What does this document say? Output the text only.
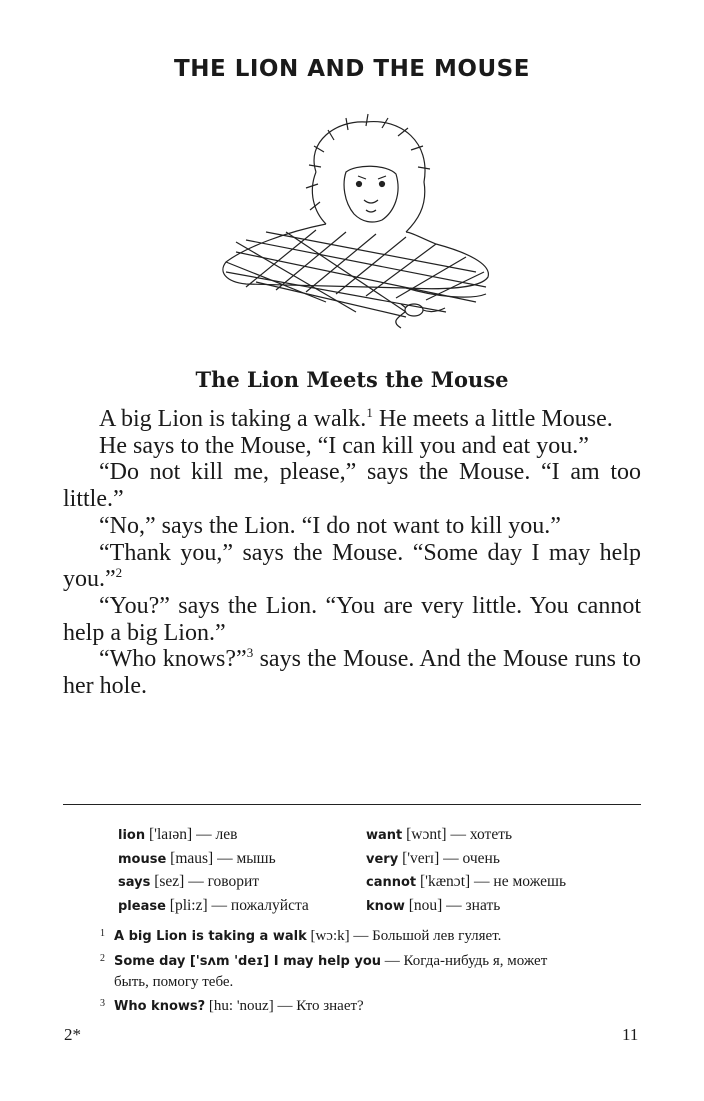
THE LION AND THE MOUSE
The Lion Meets the Mouse

A big Lion is taking a walk.$^1$ He meets a little Mouse.

He says to the Mouse, “I can kill you and eat you.”

“Do not kill me, please,” says the Mouse. “I am too little.”

“No,” says the Lion. “I do not want to kill you.”

“Thank you,” says the Mouse. “Some day I may help you.”$^2$

“You?” says the Lion. “You are very little. You cannot help a big Lion.”

“Who knows?”$^3$ says the Mouse. And the Mouse runs to her hole.

lion ['laɪən] — лев
mouse [maus] — мышь
says [sez] — говорит
please [pli:z] — пожалуйста
want [wɔnt] — хотеть
very ['verɪ] — очень
cannot ['kænɔt] — не можешь
know [nou] — знать

1 A big Lion is taking a walk [wɔ:k] — Большой лев гуляет.

2 Some day ['sʌm 'deɪ] I may help you — Когда-нибудь я, может
быть, помогу тебе.

3 Who knows? [hu: 'nouz] — Кто знает?

2*	11
